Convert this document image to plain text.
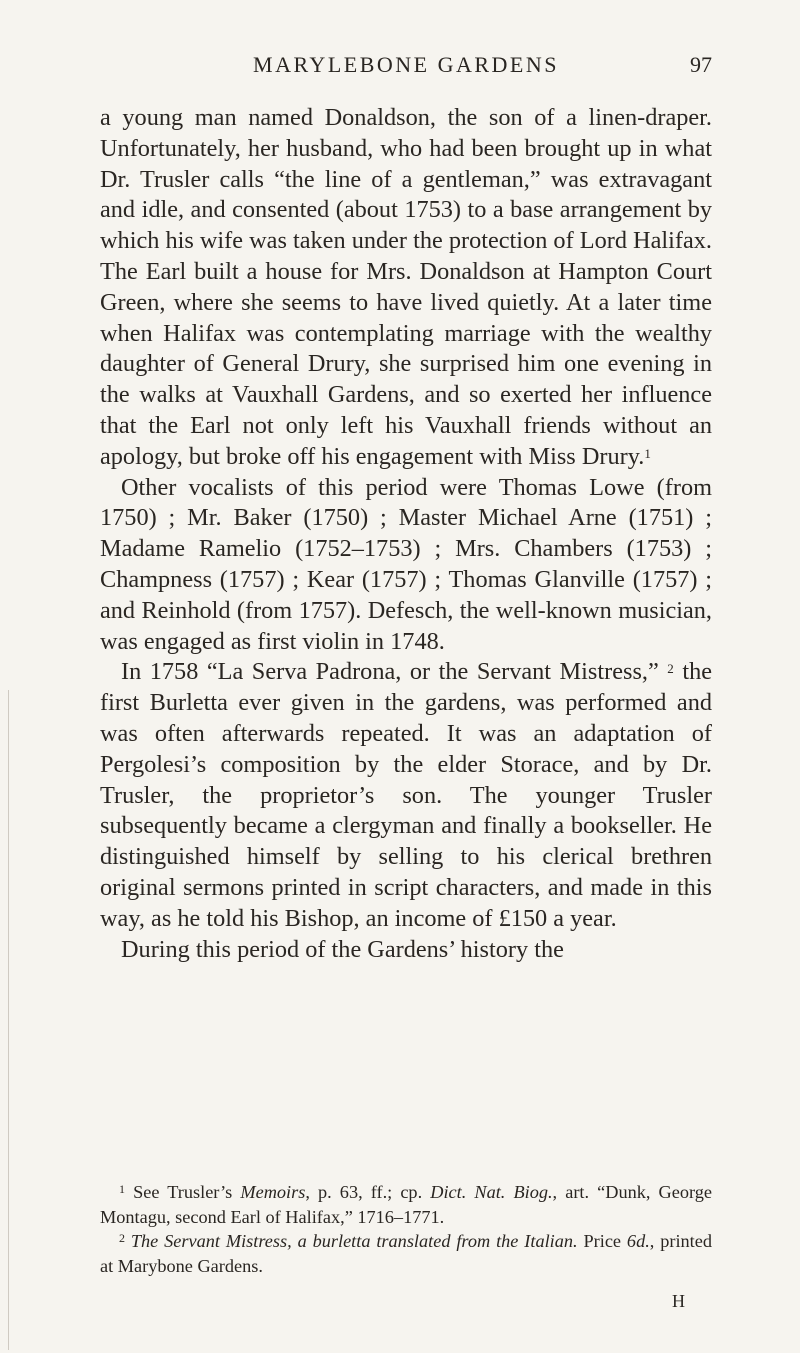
MARYLEBONE GARDENS	97

a young man named Donaldson, the son of a linen-draper. Unfortunately, her husband, who had been brought up in what Dr. Trusler calls “the line of a gentleman,” was extravagant and idle, and consented (about 1753) to a base arrangement by which his wife was taken under the protection of Lord Halifax. The Earl built a house for Mrs. Donaldson at Hampton Court Green, where she seems to have lived quietly. At a later time when Halifax was contemplating marriage with the wealthy daughter of General Drury, she surprised him one evening in the walks at Vauxhall Gardens, and so exerted her influence that the Earl not only left his Vauxhall friends without an apology, but broke off his engagement with Miss Drury.$^1$

Other vocalists of this period were Thomas Lowe (from 1750) ; Mr. Baker (1750) ; Master Michael Arne (1751) ; Madame Ramelio (1752–1753) ; Mrs. Chambers (1753) ; Champness (1757) ; Kear (1757) ; Thomas Glanville (1757) ; and Reinhold (from 1757). Defesch, the well-known musician, was engaged as first violin in 1748.

In 1758 “La Serva Padrona, or the Servant Mistress,” $^2$ the first Burletta ever given in the gardens, was performed and was often afterwards repeated. It was an adaptation of Pergolesi’s composition by the elder Storace, and by Dr. Trusler, the proprietor’s son. The younger Trusler subsequently became a clergyman and finally a bookseller. He distinguished himself by selling to his clerical brethren original sermons printed in script characters, and made in this way, as he told his Bishop, an income of £150 a year.

During this period of the Gardens’ history the

$^1$ See Trusler’s Memoirs, p. 63, ff.; cp. Dict. Nat. Biog., art. “Dunk, George Montagu, second Earl of Halifax,” 1716–1771.

$^2$ The Servant Mistress, a burletta translated from the Italian. Price 6d., printed at Marybone Gardens.

H
